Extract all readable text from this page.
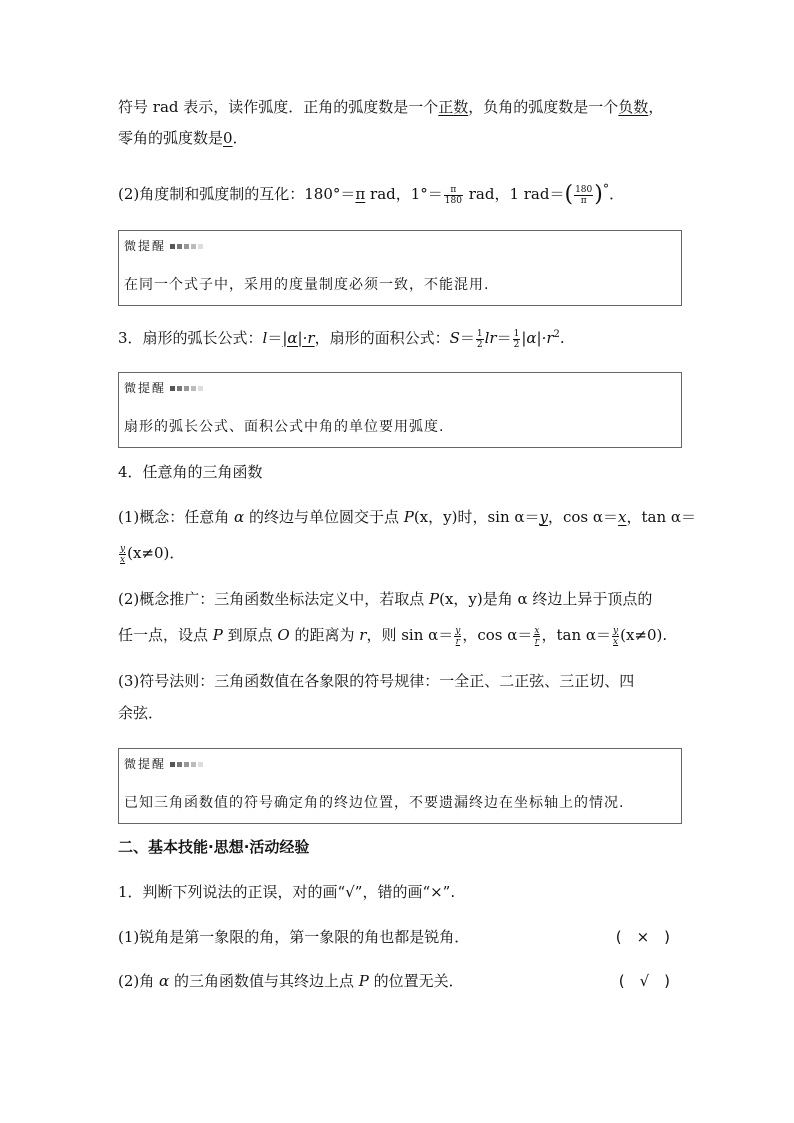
符号 rad 表示，读作弧度．正角的弧度数是一个正数，负角的弧度数是一个负数，
零角的弧度数是0．
(2)角度制和弧度制的互化：180°＝π rad，$1^\circ= \frac{\pi}{180}$ rad，1 $rad=( \frac{180}{\pi} )^\circ$．
微提醒
在同一个式子中，采用的度量制度必须一致，不能混用.
3．扇形的弧长公式：l＝|α|·r，扇形的面积公式：$S= \frac{1}{2} lr= \frac{1}{2} |\alpha|\cdot r^2$.
微提醒
扇形的弧长公式、面积公式中角的单位要用弧度.
4．任意角的三角函数
(1)概念：任意角 α 的终边与单位圆交于点 P(x，y)时，sin α＝y，cos α＝x，tan α＝
$\frac{y}{x} (x\ne 0)$．
(2)概念推广：三角函数坐标法定义中，若取点 P(x，y)是角 α 终边上异于顶点的
任一点，设点 P 到原点 O 的距离为 r，则 $\sin \alpha= \frac{y}{r}$ ，$\cos \alpha= \frac{x}{r}$ ，$\tan \alpha= \frac{y}{x} (x\ne 0)$.
(3)符号法则：三角函数值在各象限的符号规律：一全正、二正弦、三正切、四
余弦．
微提醒
已知三角函数值的符号确定角的终边位置，不要遗漏终边在坐标轴上的情况.
二、基本技能·思想·活动经验
1．判断下列说法的正误，对的画“√”，错的画“×”.
(1)锐角是第一象限的角，第一象限的角也都是锐角．	(　×　)
(2)角 α 的三角函数值与其终边上点 P 的位置无关．	(　√　)
